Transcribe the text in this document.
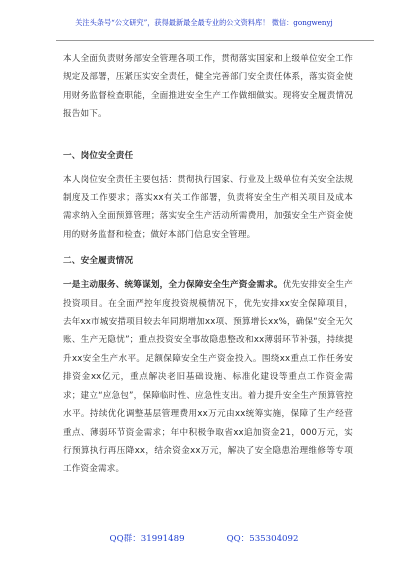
关注头条号“公文研究”，获得最新最全最专业的公文资料库！ 微信：gongwenyj

本人全面负责财务部安全管理各项工作，贯彻落实国家和上级单位安全工作规定及部署，压紧压实安全责任，健全完善部门安全责任体系，落实资金使用财务监督检查职能，全面推进安全生产工作做细做实。现将安全履责情况报告如下。

一、岗位安全责任

本人岗位安全责任主要包括：贯彻执行国家、行业及上级单位有关安全法规制度及工作要求；落实xx有关工作部署，负责将安全生产相关项目及成本需求纳入全面预算管理；落实安全生产活动所需费用，加强安全生产资金使用的财务监督和检查；做好本部门信息安全管理。

二、安全履责情况

一是主动服务、统筹谋划，全力保障安全生产资金需求。优先安排安全生产投资项目。在全面严控年度投资规模情况下，优先安排xx安全保障项目，去年xx市城安措项目较去年同期增加xx项、预算增长xx%，确保“安全无欠账、生产无隐忧”；重点投资安全事故隐患整改和xx薄弱环节补强，持续提升xx安全生产水平。足额保障安全生产资金投入。围绕xx重点工作任务安排资金xx亿元，重点解决老旧基础设施、标准化建设等重点工作资金需求；建立“应急包”，保障临时性、应急性支出。着力提升安全生产预算管控水平。持续优化调整基层管理费用xx万元由xx统筹实施，保障了生产经营重点、薄弱环节资金需求；年中积极争取省xx追加资金21，000万元，实行预算执行再压降xx，结余资金xx万元，解决了安全隐患治理维修等专项工作资金需求。

QQ群：31991489	QQ：535304092
